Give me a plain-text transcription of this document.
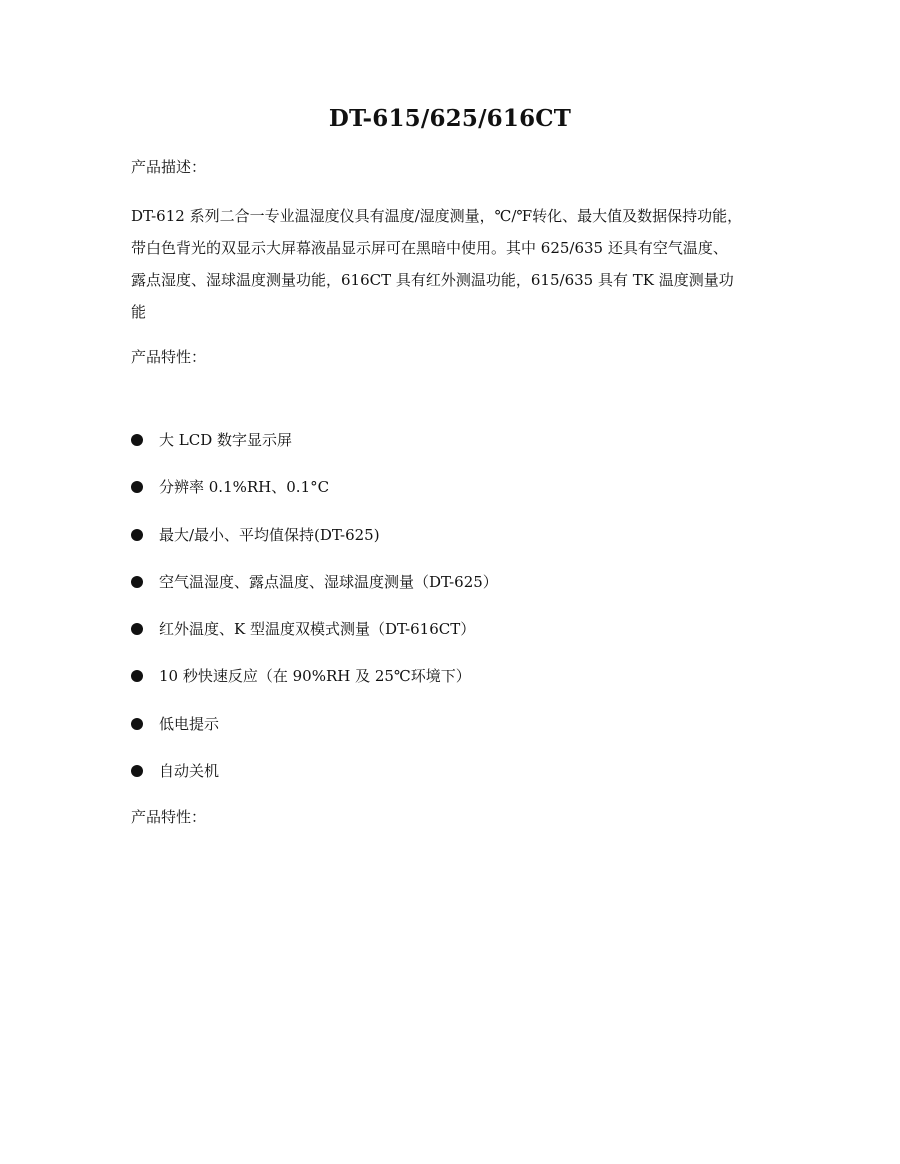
DT-615/625/616CT

产品描述：

DT-612 系列二合一专业温湿度仪具有温度/湿度测量，℃/℉转化、最大值及数据保持功能，
带白色背光的双显示大屏幕液晶显示屏可在黑暗中使用。其中 625/635 还具有空气温度、
露点湿度、湿球温度测量功能，616CT 具有红外测温功能，615/635 具有 TK 温度测量功
能

产品特性：

大 LCD 数字显示屏
分辨率 0.1%RH、0.1°C
最大/最小、平均值保持(DT-625)
空气温湿度、露点温度、湿球温度测量（DT-625）
红外温度、K 型温度双模式测量（DT-616CT）
10 秒快速反应（在 90%RH 及 25℃环境下）
低电提示
自动关机

产品特性：
